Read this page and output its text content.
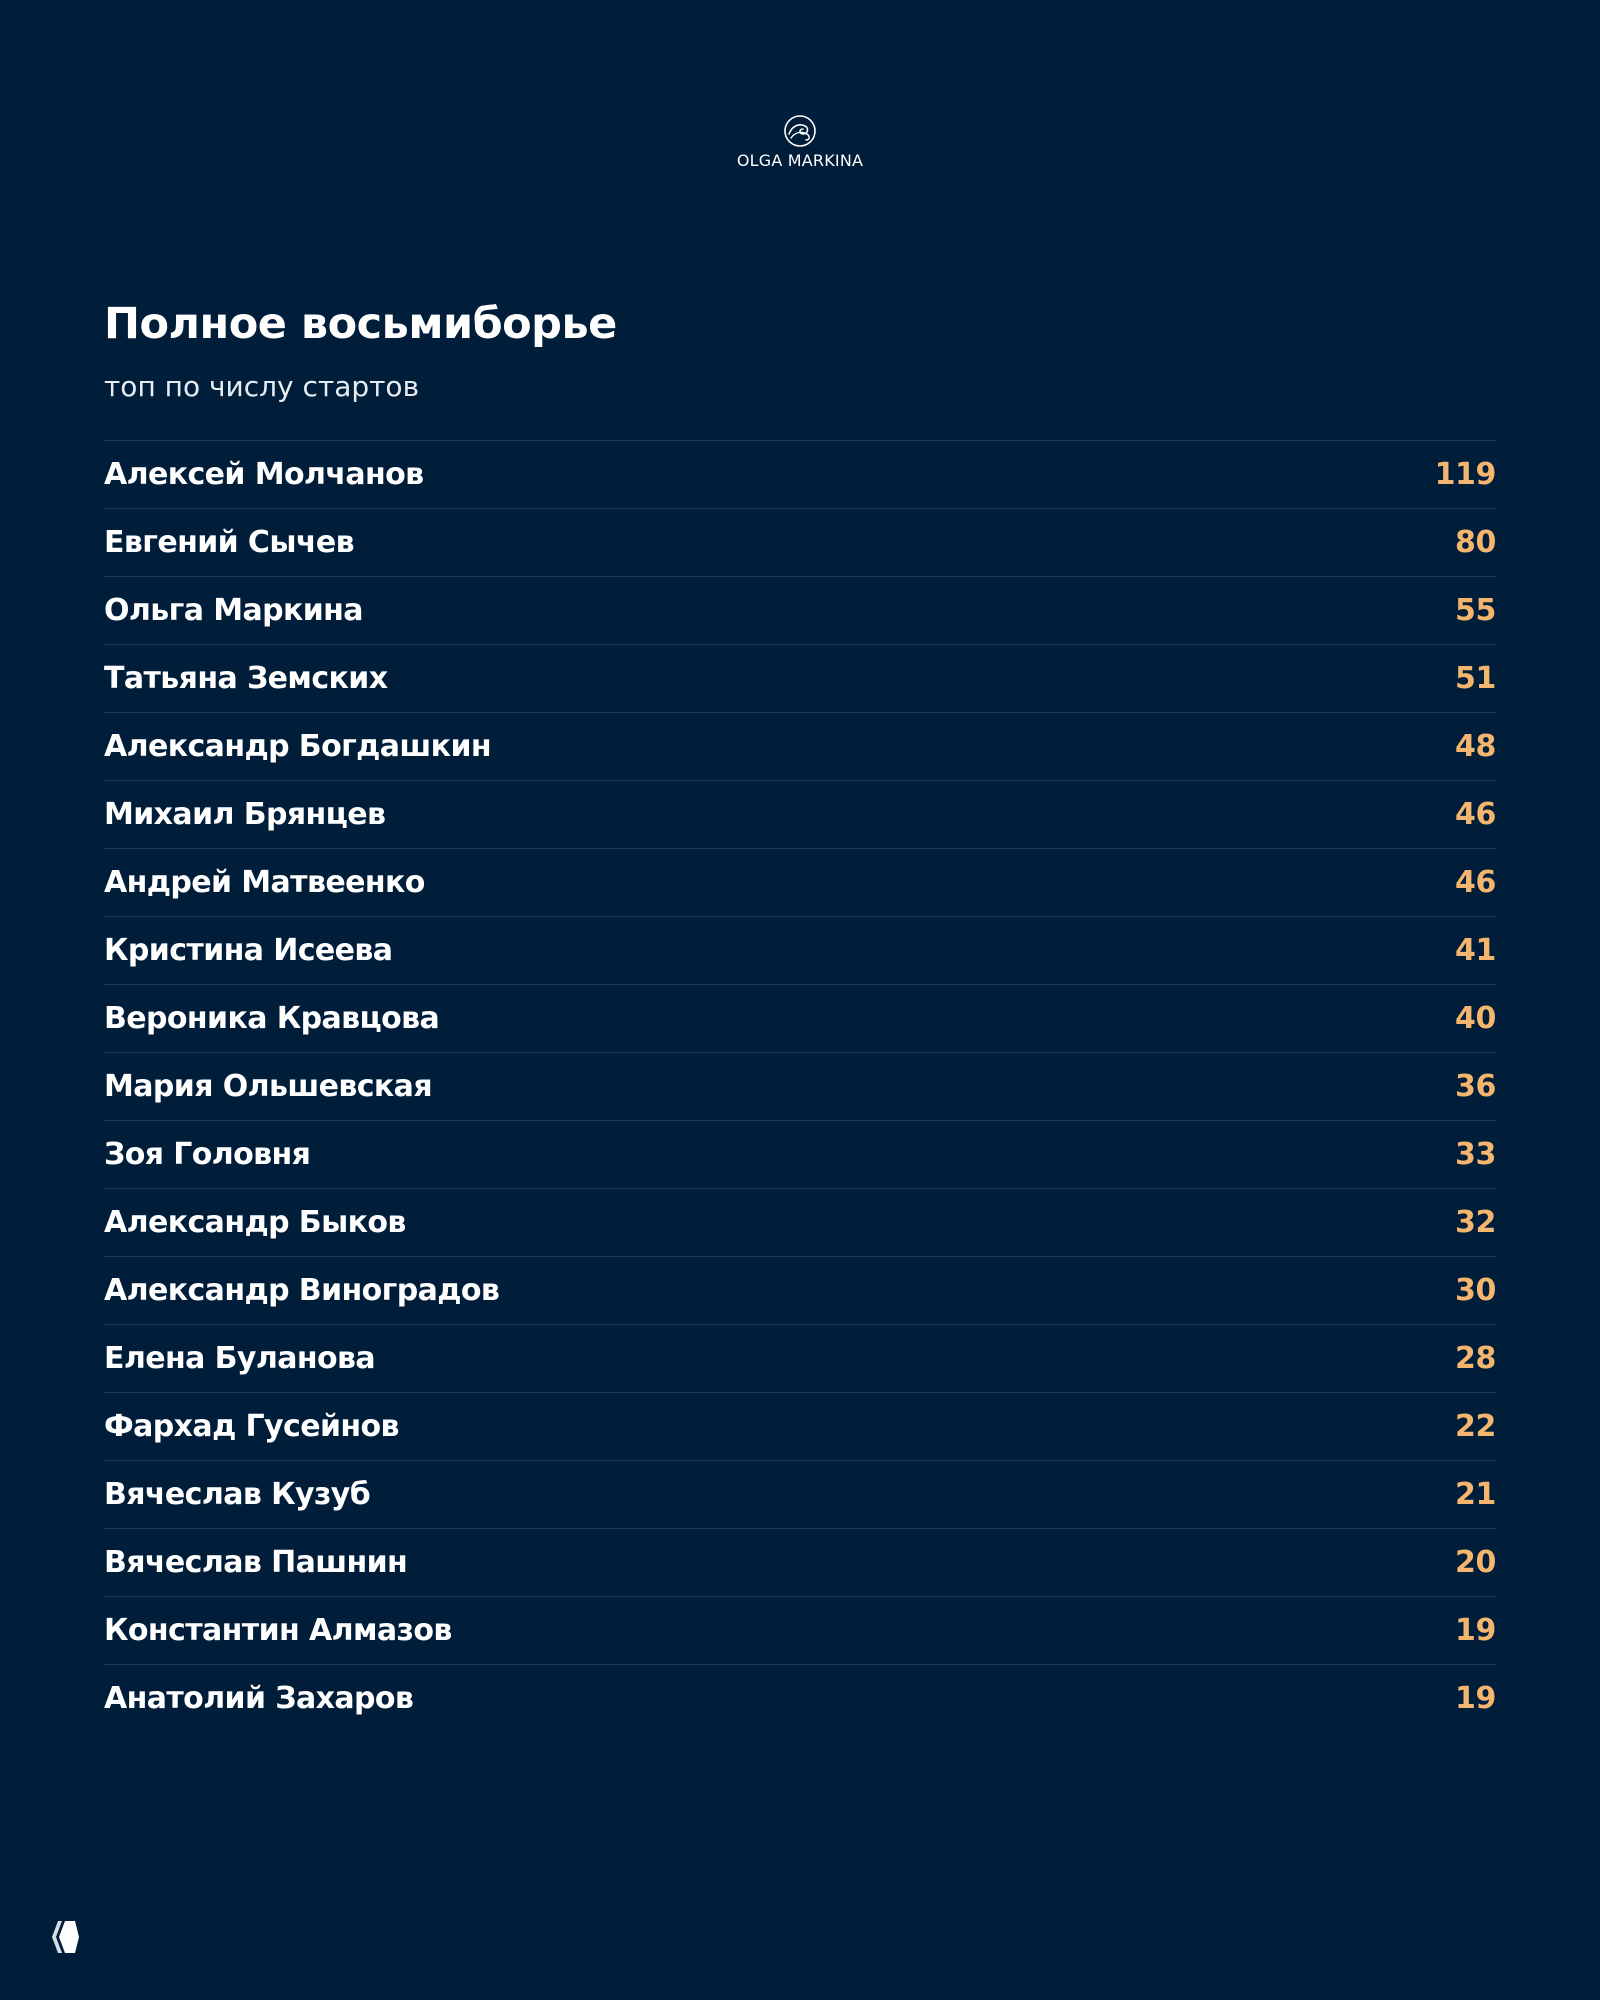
OLGA MARKINA
Полное восьмиборье

топ по числу стартов

Алексей Молчанов	119
Евгений Сычев	80
Ольга Маркина	55
Татьяна Земских	51
Александр Богдашкин	48
Михаил Брянцев	46
Андрей Матвеенко	46
Кристина Исеева	41
Вероника Кравцова	40
Мария Ольшевская	36
Зоя Головня	33
Александр Быков	32
Александр Виноградов	30
Елена Буланова	28
Фархад Гусейнов	22
Вячеслав Кузуб	21
Вячеслав Пашнин	20
Константин Алмазов	19
Анатолий Захаров	19
